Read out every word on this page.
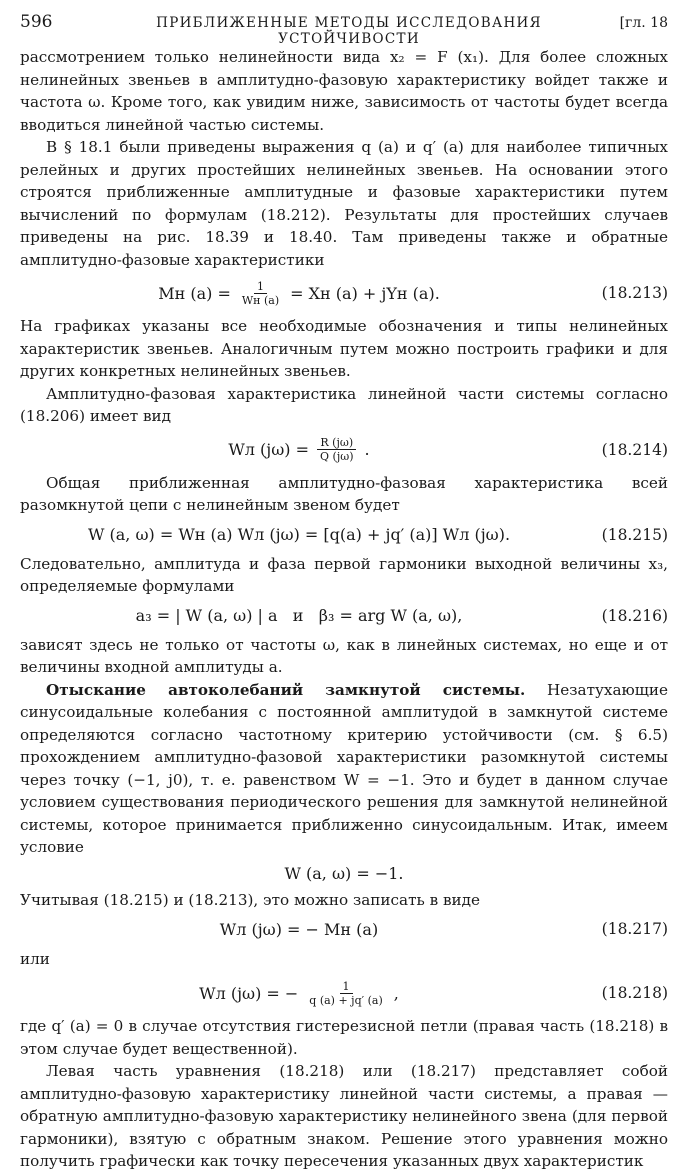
596	ПРИБЛИЖЕННЫЕ МЕТОДЫ ИССЛЕДОВАНИЯ УСТОЙЧИВОСТИ
[гл. 18

рассмотрением только нелинейности вида x₂ = F (x₁). Для более сложных нелинейных звеньев в амплитудно-фазовую характеристику войдет также и частота ω. Кроме того, как увидим ниже, зависимость от частоты будет всегда вводиться линейной частью системы.

В § 18.1 были приведены выражения q (a) и q′ (a) для наиболее типичных релейных и других простейших нелинейных звеньев. На основании этого строятся приближенные амплитудные и фазовые характеристики путем вычислений по формулам (18.212). Результаты для простейших случаев приведены на рис. 18.39 и 18.40. Там приведены также и обратные амплитудно-фазовые характеристики

Mн $(a) = \frac{1}{Wн (a)}$ = Xн (a) + jYн (a).	(18.213)

На графиках указаны все необходимые обозначения и типы нелинейных характеристик звеньев. Аналогичным путем можно построить графики и для других конкретных нелинейных звеньев.

Амплитудно-фазовая характеристика линейной части системы согласно (18.206) имеет вид

Wл $(j\omega) = \frac{R (j\omega)}{Q (j\omega)}$ .	(18.214)

Общая приближенная амплитудно-фазовая характеристика всей разомкнутой цепи с нелинейным звеном будет

W (a, ω) = Wн (a) Wл (jω) = [q(a) + jq′ (a)] Wл (jω).	(18.215)

Следовательно, амплитуда и фаза первой гармоники выходной величины x₃, определяемые формулами

a₃ = | W (a, ω) | a   и   β₃ = arg W (a, ω),	(18.216)

зависят здесь не только от частоты ω, как в линейных системах, но еще и от величины входной амплитуды a.

Отыскание автоколебаний замкнутой системы. Незатухающие синусоидальные колебания с постоянной амплитудой в замкнутой системе определяются согласно частотному критерию устойчивости (см. § 6.5) прохождением амплитудно-фазовой характеристики разомкнутой системы через точку (−1, j0), т. е. равенством W = −1. Это и будет в данном случае условием существования периодического решения для замкнутой нелинейной системы, которое принимается приближенно синусоидальным. Итак, имеем условие

W (a, ω) = −1.

Учитывая (18.215) и (18.213), это можно записать в виде

Wл (jω) = − Mн (a)	(18.217)
или
Wл (jω) = − $\frac{1}{q (a) + jq' (a)}$ ,	(18.218)

где q′ (a) = 0 в случае отсутствия гистерезисной петли (правая часть (18.218) в этом случае будет вещественной).

Левая часть уравнения (18.218) или (18.217) представляет собой амплитудно-фазовую характеристику линейной части системы, а правая — обратную амплитудно-фазовую характеристику нелинейного звена (для первой гармоники), взятую с обратным знаком. Решение этого уравнения можно получить графически как точку пересечения указанных двух характеристик
